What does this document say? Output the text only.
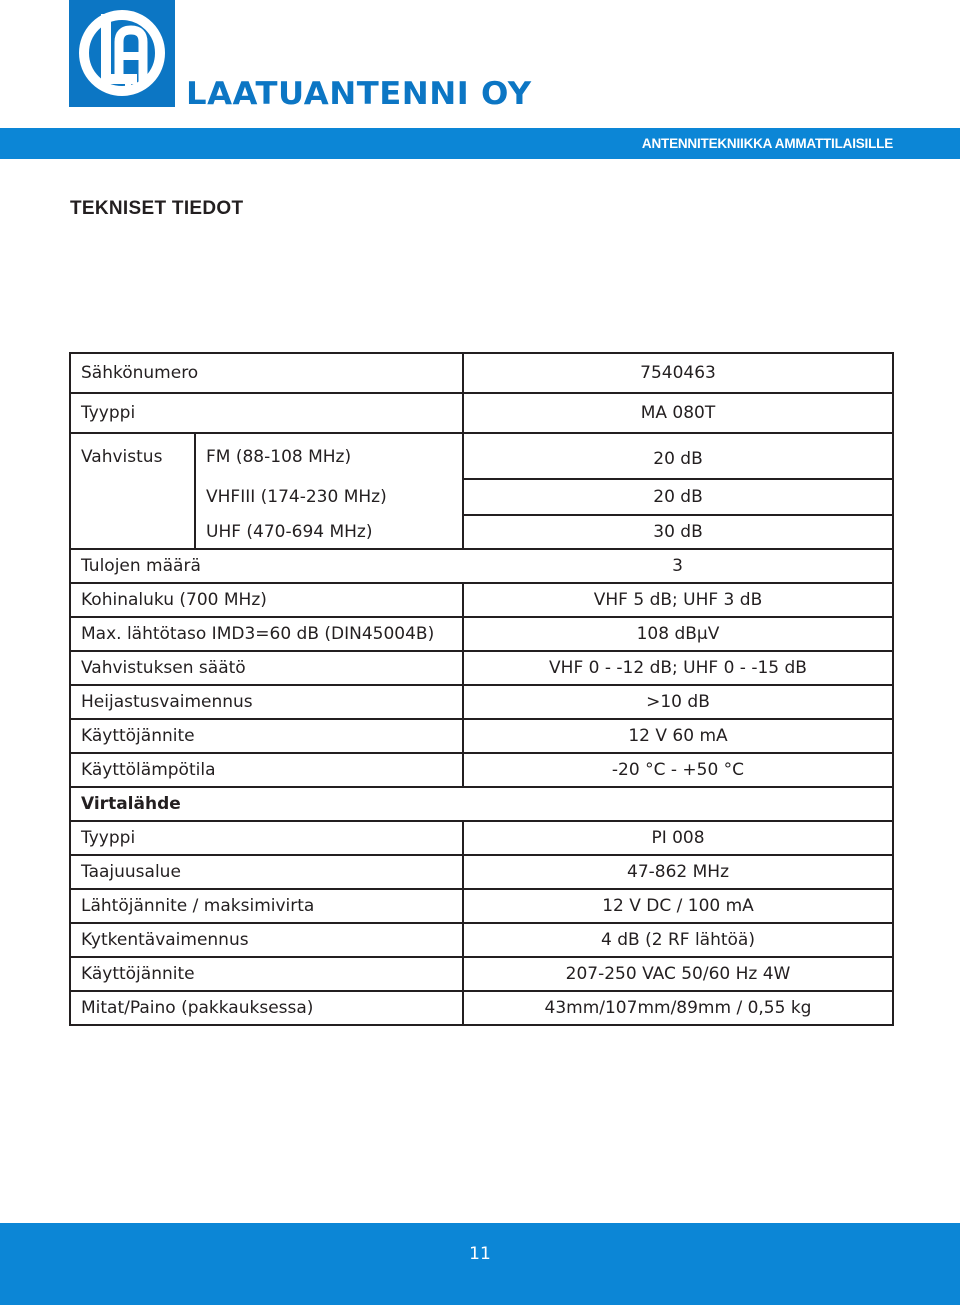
LAATUANTENNI OY
ANTENNITEKNIIKKA AMMATTILAISILLE
TEKNISET TIEDOT
Sähkönumero		7540463
Tyyppi		MA 080T
Vahvistus	FM (88-108 MHz)	20 dB
	VHFIII (174-230 MHz)	20 dB
	UHF (470-694 MHz)	30 dB
Tulojen määrä		3
Kohinaluku (700 MHz)		VHF 5 dB; UHF 3 dB
Max. lähtötaso IMD3=60 dB (DIN45004B)		108 dBµV
Vahvistuksen säätö		VHF 0 - -12 dB; UHF 0 - -15 dB
Heijastusvaimennus		>10 dB
Käyttöjännite		12 V 60 mA
Käyttölämpötila		-20 °C - +50 °C
Virtalähde		
Tyyppi		PI 008
Taajuusalue		47-862 MHz
Lähtöjännite / maksimivirta		12 V DC / 100 mA
Kytkentävaimennus		4 dB (2 RF lähtöä)
Käyttöjännite		207-250 VAC 50/60 Hz 4W
Mitat/Paino (pakkauksessa)		43mm/107mm/89mm / 0,55 kg
11
